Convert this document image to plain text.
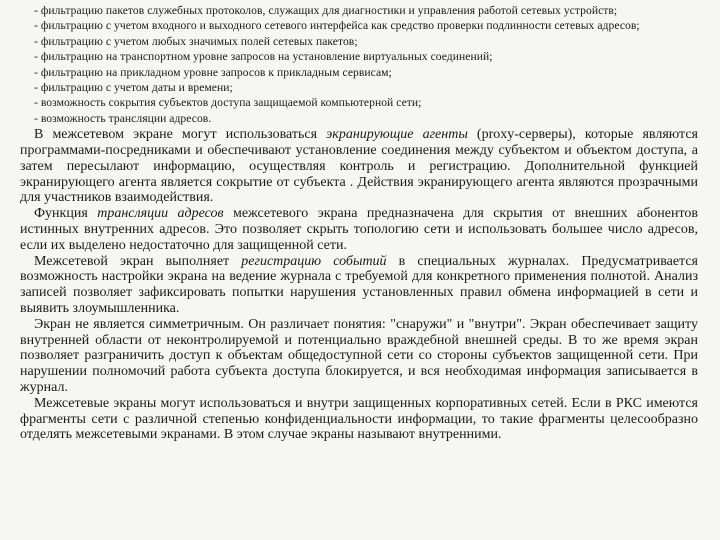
- фильтрацию пакетов служебных протоколов, служащих для диагностики и управления работой сетевых устройств;
- фильтрацию с учетом входного и выходного сетевого интерфейса как средство проверки подлинности сетевых адресов;
- фильтрацию с учетом любых значимых полей сетевых пакетов;
- фильтрацию на транспортном уровне запросов на установление виртуальных соединений;
- фильтрацию на прикладном уровне запросов к прикладным сервисам;
- фильтрацию с учетом даты и времени;
- возможность сокрытия субъектов доступа защищаемой компьютерной сети;
- возможность трансляции адресов.

В межсетевом экране могут использоваться экранирующие агенты (proxy-серверы), которые являются программами-посредниками и обеспечивают установление соединения между субъектом и объектом доступа, а затем пересылают информацию, осуществляя контроль и регистрацию. Дополнительной функцией экранирующего агента является сокрытие от субъекта . Действия экранирующего агента являются прозрачными для участников взаимодействия.

Функция трансляции адресов межсетевого экрана предназначена для скрытия от внешних абонентов истинных внутренних адресов. Это позволяет скрыть топологию сети и использовать большее число адресов, если их выделено недостаточно для защищенной сети.

Межсетевой экран выполняет регистрацию событий в специальных журналах. Предусматривается возможность настройки экрана на ведение журнала с требуемой для конкретного применения полнотой. Анализ записей позволяет зафиксировать попытки нарушения установленных правил обмена информацией в сети и выявить злоумышленника.

Экран не является симметричным. Он различает понятия: "снаружи" и "внутри". Экран обеспечивает защиту внутренней области от неконтролируемой и потенциально враждебной внешней среды. В то же время экран позволяет разграничить доступ к объектам общедоступной сети со стороны субъектов защищенной сети. При нарушении полномочий работа субъекта доступа блокируется, и вся необходимая информация записывается в журнал.

Межсетевые экраны могут использоваться и внутри защищенных корпоративных сетей. Если в РКС имеются фрагменты сети с различной степенью конфиденциальности информации, то такие фрагменты целесообразно отделять межсетевыми экранами. В этом случае экраны называют внутренними.
